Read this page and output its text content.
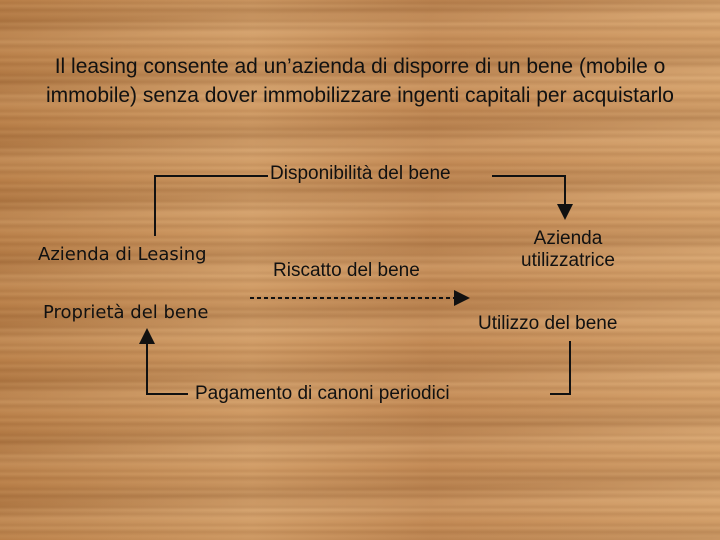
Il leasing consente ad un’azienda di disporre di un bene (mobile o immobile) senza dover immobilizzare ingenti capitali per acquistarlo
Azienda di Leasing
Proprietà del bene
Disponibilità del bene
Riscatto del bene
Azienda
utilizzatrice
Utilizzo del bene
Pagamento di canoni periodici
